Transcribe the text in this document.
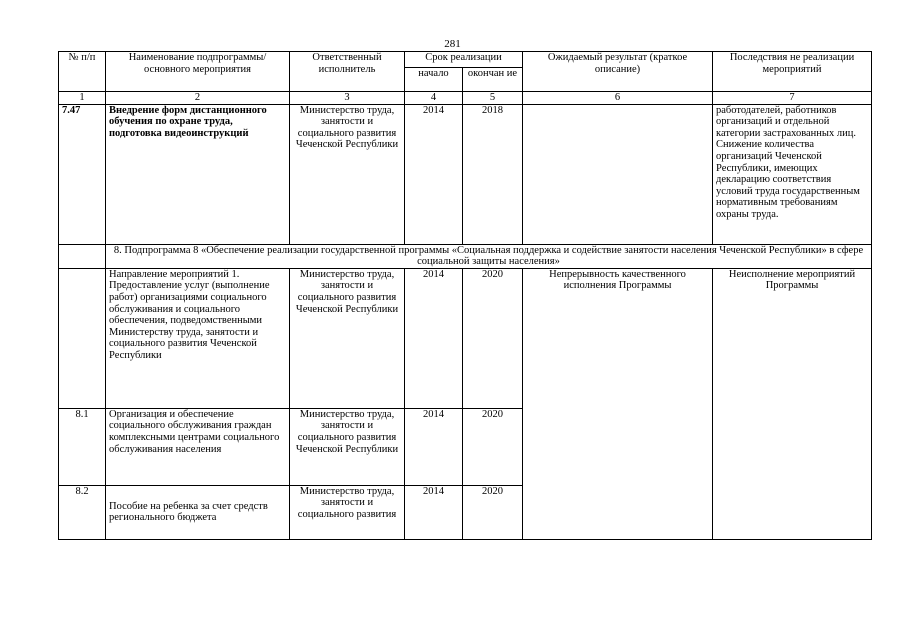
281
№ п/п	Наименование подпрограммы/ основного мероприятия	Ответственный исполнитель	Срок реализации		Ожидаемый результат (краткое описание)	Последствия не реализации мероприятий
			начало	окончан ие		
1	2	3	4	5	6	7
7.47	Внедрение форм дистанционного обучения по охране труда, подготовка видеоинструкций	Министерство труда, занятости и социального развития Чеченской Республики	2014	2018		работодателей, работников организаций и отдельной категории застрахованных лиц. Снижение количества организаций Чеченской Республики, имеющих декларацию соответствия условий труда государственным нормативным требованиям охраны труда.
	8. Подпрограмма 8 «Обеспечение реализации государственной программы «Социальная поддержка и содействие занятости населения Чеченской Республики» в сфере социальной защиты населения»					
	Направление мероприятий 1. Предоставление услуг (выполнение работ) организациями социального обслуживания и социального обеспечения, подведомственными Министерству труда, занятости и социального развития Чеченской Республики	Министерство труда, занятости и социального развития Чеченской Республики	2014	2020	Непрерывность качественного исполнения Программы	Неисполнение мероприятий Программы
8.1	Организация и обеспечение социального обслуживания граждан комплексными центрами социального обслуживания населения	Министерство труда, занятости и социального развития Чеченской Республики	2014	2020		
8.2	Пособие на ребенка за счет средств регионального бюджета	Министерство труда, занятости и социального развития	2014	2020		
